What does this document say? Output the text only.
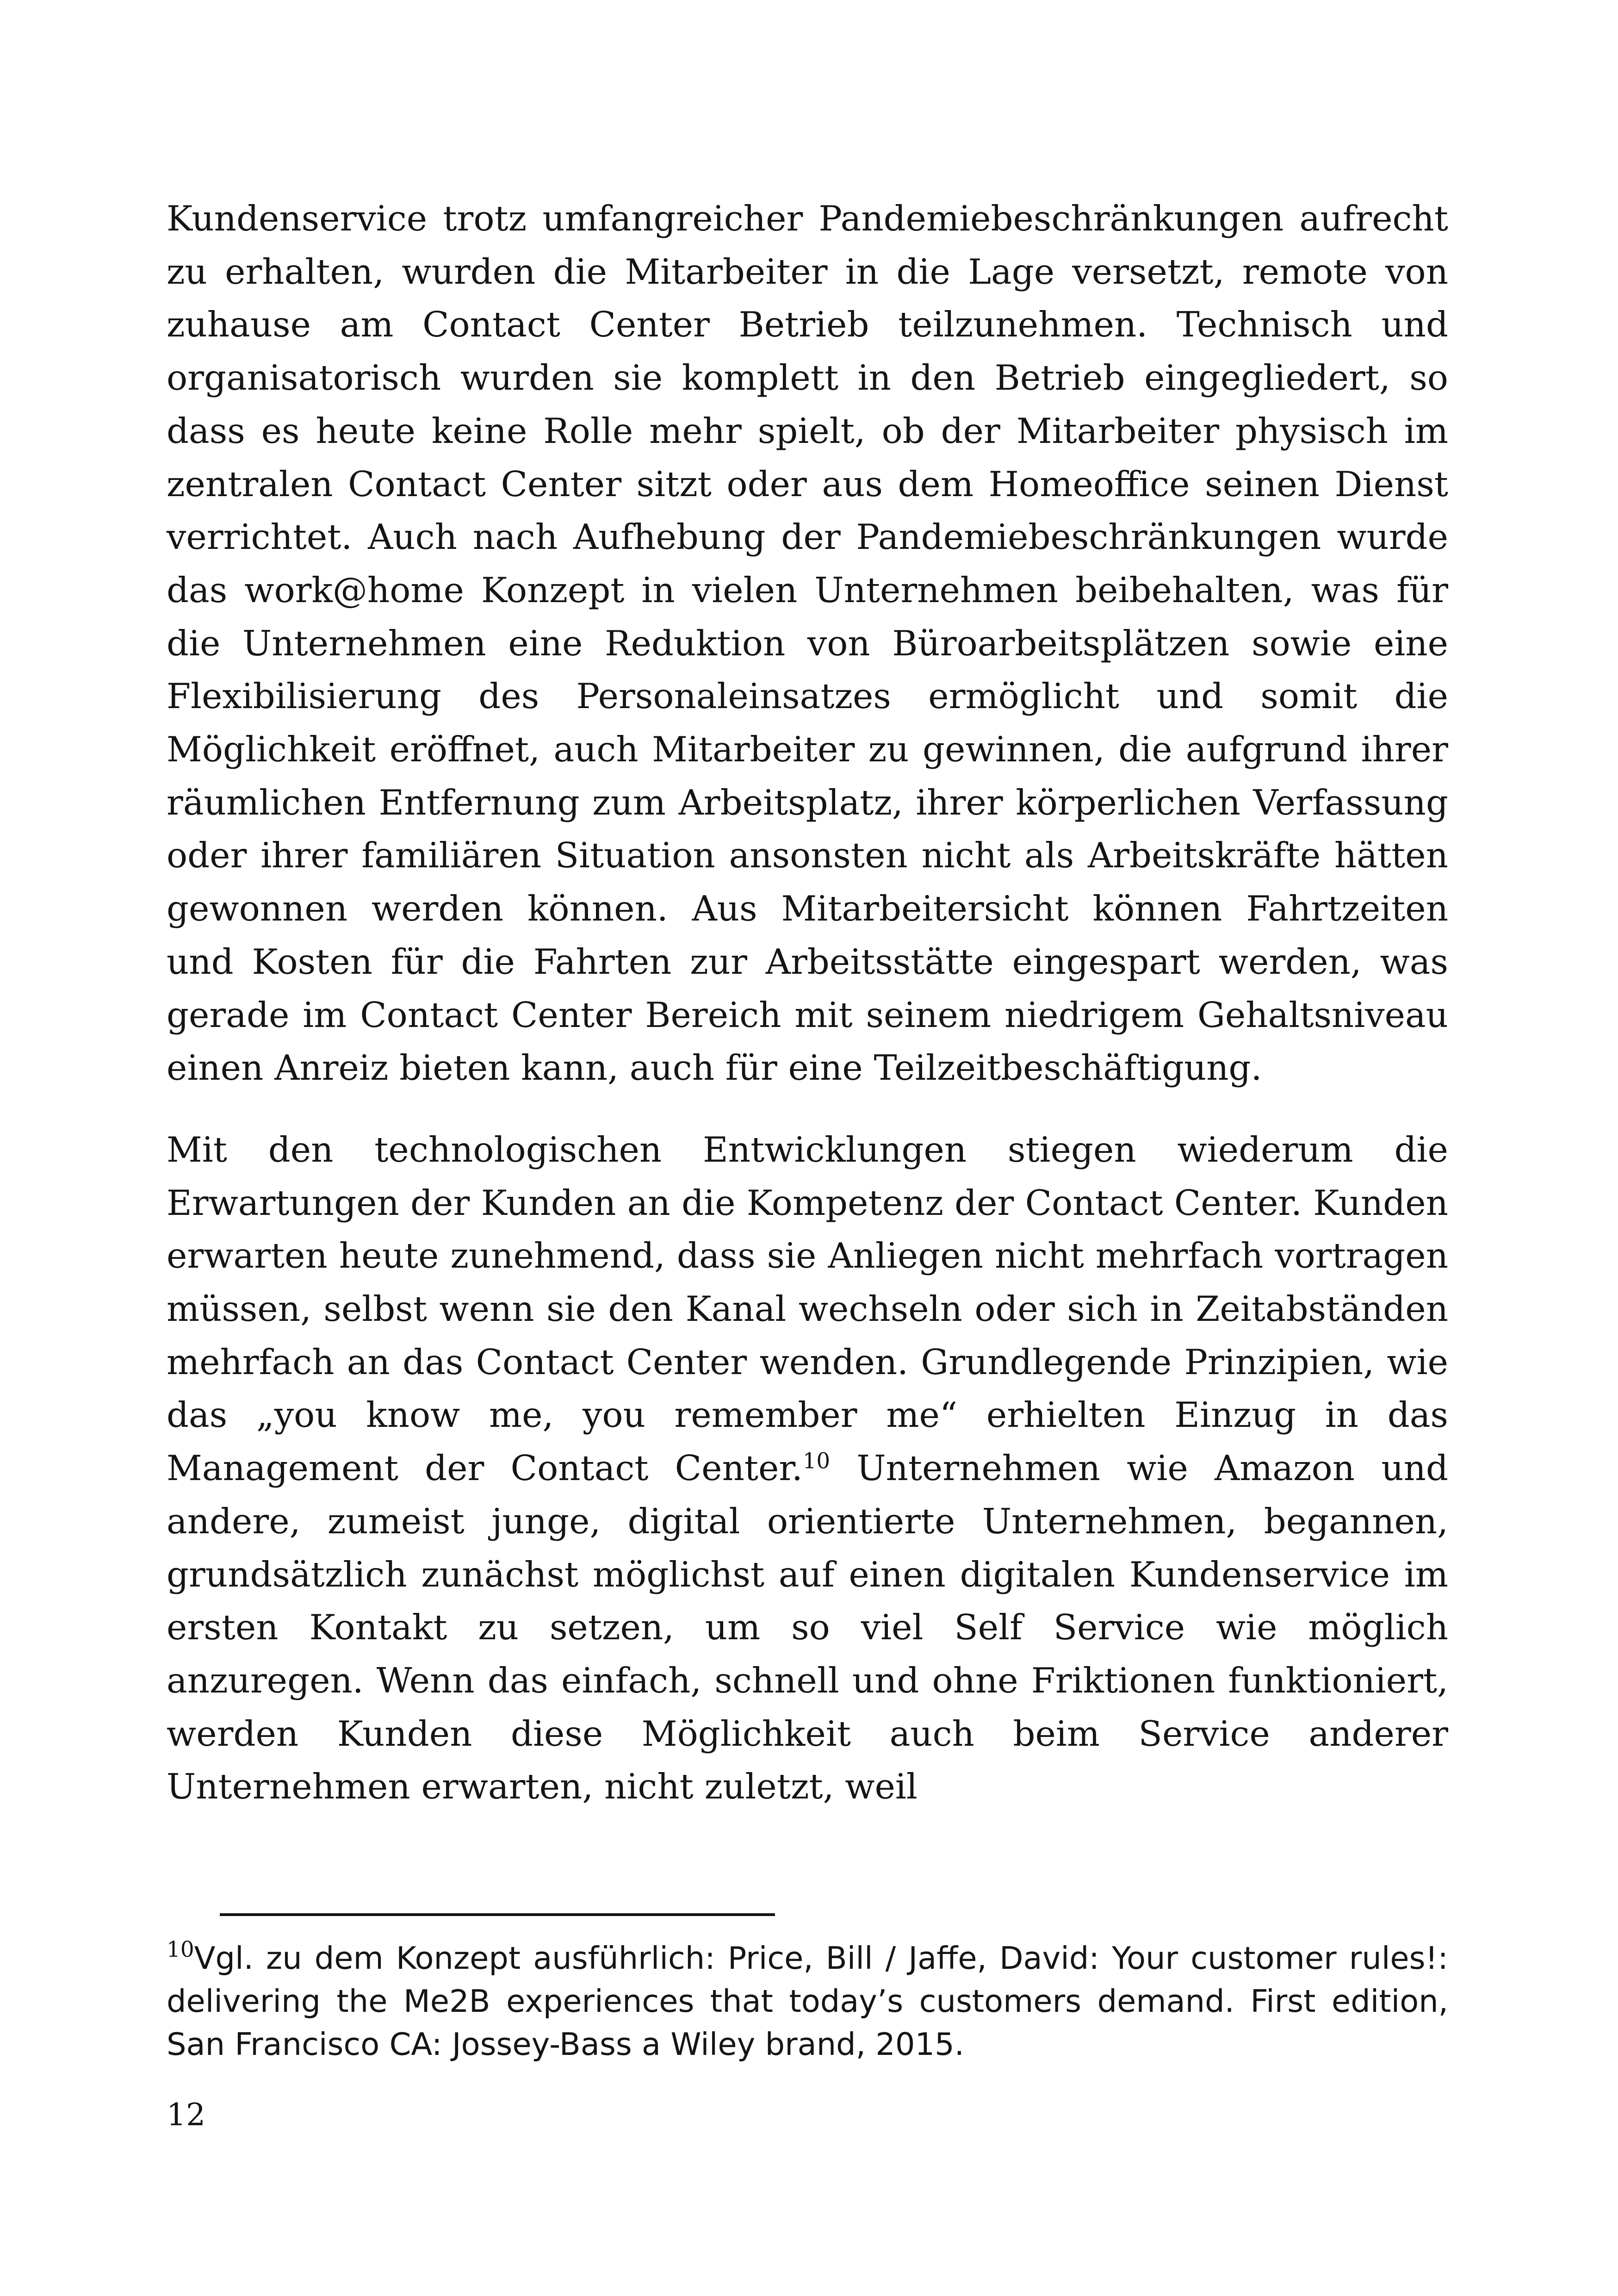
Kundenservice trotz umfangreicher Pandemiebeschränkungen aufrecht zu erhalten, wurden die Mitarbeiter in die Lage versetzt, remote von zuhause am Contact Center Betrieb teilzunehmen. Technisch und organisatorisch wurden sie komplett in den Betrieb eingegliedert, so dass es heute keine Rolle mehr spielt, ob der Mitarbeiter physisch im zentralen Contact Center sitzt oder aus dem Homeoffice seinen Dienst verrichtet. Auch nach Aufhebung der Pandemiebeschränkungen wurde das work@home Konzept in vielen Unternehmen beibehalten, was für die Unternehmen eine Reduktion von Büroarbeitsplätzen sowie eine Flexibilisierung des Personaleinsatzes ermöglicht und somit die Möglichkeit eröffnet, auch Mitarbeiter zu gewinnen, die aufgrund ihrer räumlichen Entfernung zum Arbeitsplatz, ihrer körperlichen Verfassung oder ihrer familiären Situation ansonsten nicht als Arbeitskräfte hätten gewonnen werden können. Aus Mitarbeitersicht können Fahrtzeiten und Kosten für die Fahrten zur Arbeitsstätte eingespart werden, was gerade im Contact Center Bereich mit seinem niedrigem Gehaltsniveau einen Anreiz bieten kann, auch für eine Teilzeitbeschäftigung.

Mit den technologischen Entwicklungen stiegen wiederum die Erwartungen der Kunden an die Kompetenz der Contact Center. Kunden erwarten heute zunehmend, dass sie Anliegen nicht mehrfach vortragen müssen, selbst wenn sie den Kanal wechseln oder sich in Zeitabständen mehrfach an das Contact Center wenden. Grundlegende Prinzipien, wie das „you know me, you remember me“ erhielten Einzug in das Management der Contact Center.$^{10}$ Unternehmen wie Amazon und andere, zumeist junge, digital orientierte Unternehmen, begannen, grundsätzlich zunächst möglichst auf einen digitalen Kundenservice im ersten Kontakt zu setzen, um so viel Self Service wie möglich anzuregen. Wenn das einfach, schnell und ohne Friktionen funktioniert, werden Kunden diese Möglichkeit auch beim Service anderer Unternehmen erwarten, nicht zuletzt, weil

$^{10}$Vgl. zu dem Konzept ausführlich: Price, Bill / Jaffe, David: Your customer rules!: delivering the Me2B experiences that today’s customers demand. First edition, San Francisco CA: Jossey-Bass a Wiley brand, 2015.

12
